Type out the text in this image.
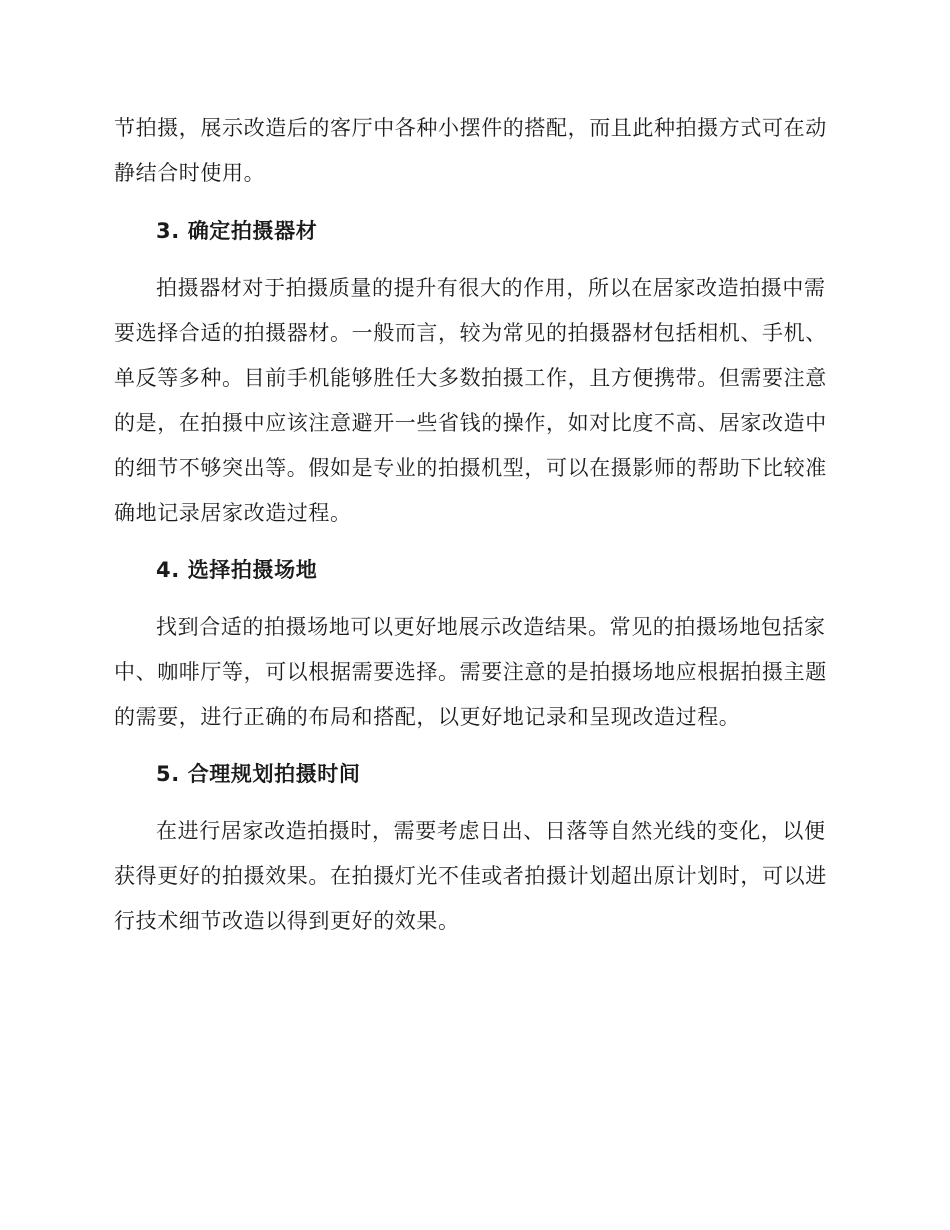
节拍摄，展示改造后的客厅中各种小摆件的搭配，而且此种拍摄方式可在动
静结合时使用。
3. 确定拍摄器材
拍摄器材对于拍摄质量的提升有很大的作用，所以在居家改造拍摄中需
要选择合适的拍摄器材。一般而言，较为常见的拍摄器材包括相机、手机、
单反等多种。目前手机能够胜任大多数拍摄工作，且方便携带。但需要注意
的是，在拍摄中应该注意避开一些省钱的操作，如对比度不高、居家改造中
的细节不够突出等。假如是专业的拍摄机型，可以在摄影师的帮助下比较准
确地记录居家改造过程。
4. 选择拍摄场地
找到合适的拍摄场地可以更好地展示改造结果。常见的拍摄场地包括家
中、咖啡厅等，可以根据需要选择。需要注意的是拍摄场地应根据拍摄主题
的需要，进行正确的布局和搭配，以更好地记录和呈现改造过程。
5. 合理规划拍摄时间
在进行居家改造拍摄时，需要考虑日出、日落等自然光线的变化，以便
获得更好的拍摄效果。在拍摄灯光不佳或者拍摄计划超出原计划时，可以进
行技术细节改造以得到更好的效果。
